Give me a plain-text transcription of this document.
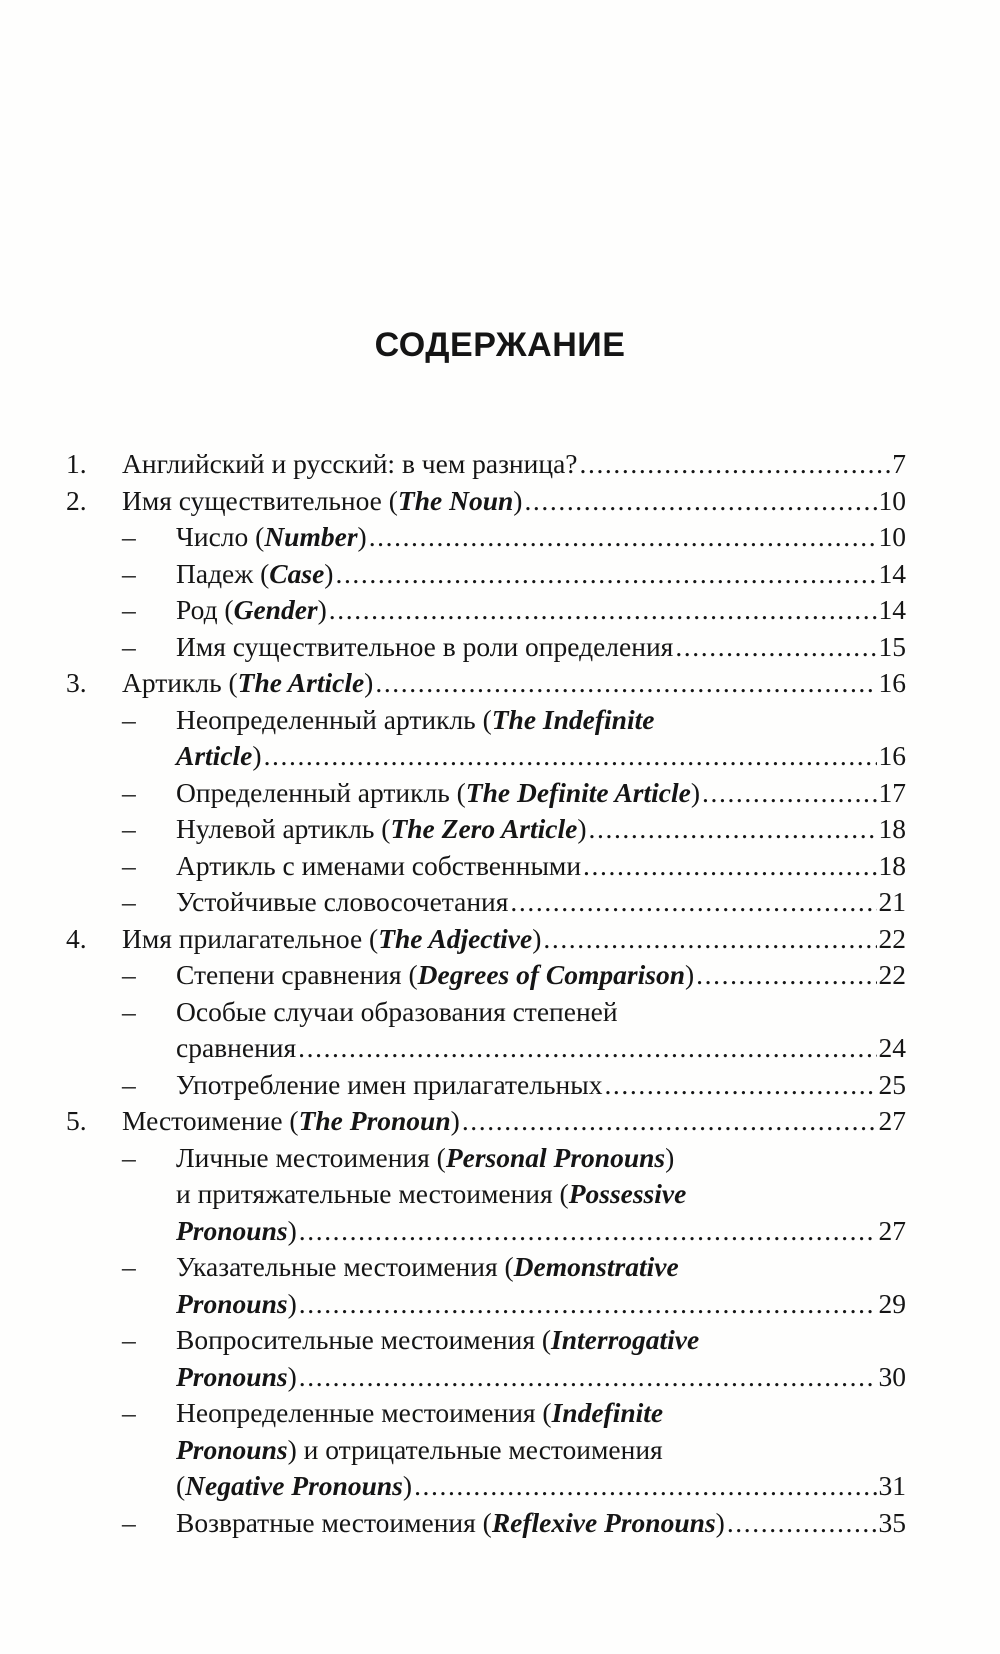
СОДЕРЖАНИЕ
1. Английский и русский: в чем разница? .....	7
2. Имя существительное (The Noun) .....	10
– Число (Number) .....	10
– Падеж (Case) .....	14
– Род (Gender) .....	14
– Имя существительное в роли определения .....	15
3. Артикль (The Article) .....	16
– Неопределенный артикль (The Indefinite
Article) .....	16
– Определенный артикль (The Definite Article) .....	17
– Нулевой артикль (The Zero Article) .....	18
– Артикль с именами собственными .....	18
– Устойчивые словосочетания .....	21
4. Имя прилагательное (The Adjective) .....	22
– Степени сравнения (Degrees of Comparison) .....	22
– Особые случаи образования степеней
сравнения .....	24
– Употребление имен прилагательных .....	25
5. Местоимение (The Pronoun) .....	27
– Личные местоимения (Personal Pronouns)
и притяжательные местоимения (Possessive
Pronouns) .....	27
– Указательные местоимения (Demonstrative
Pronouns) .....	29
– Вопросительные местоимения (Interrogative
Pronouns) .....	30
– Неопределенные местоимения (Indefinite
Pronouns) и отрицательные местоимения
(Negative Pronouns) .....	31
– Возвратные местоимения (Reflexive Pronouns) .....	35
